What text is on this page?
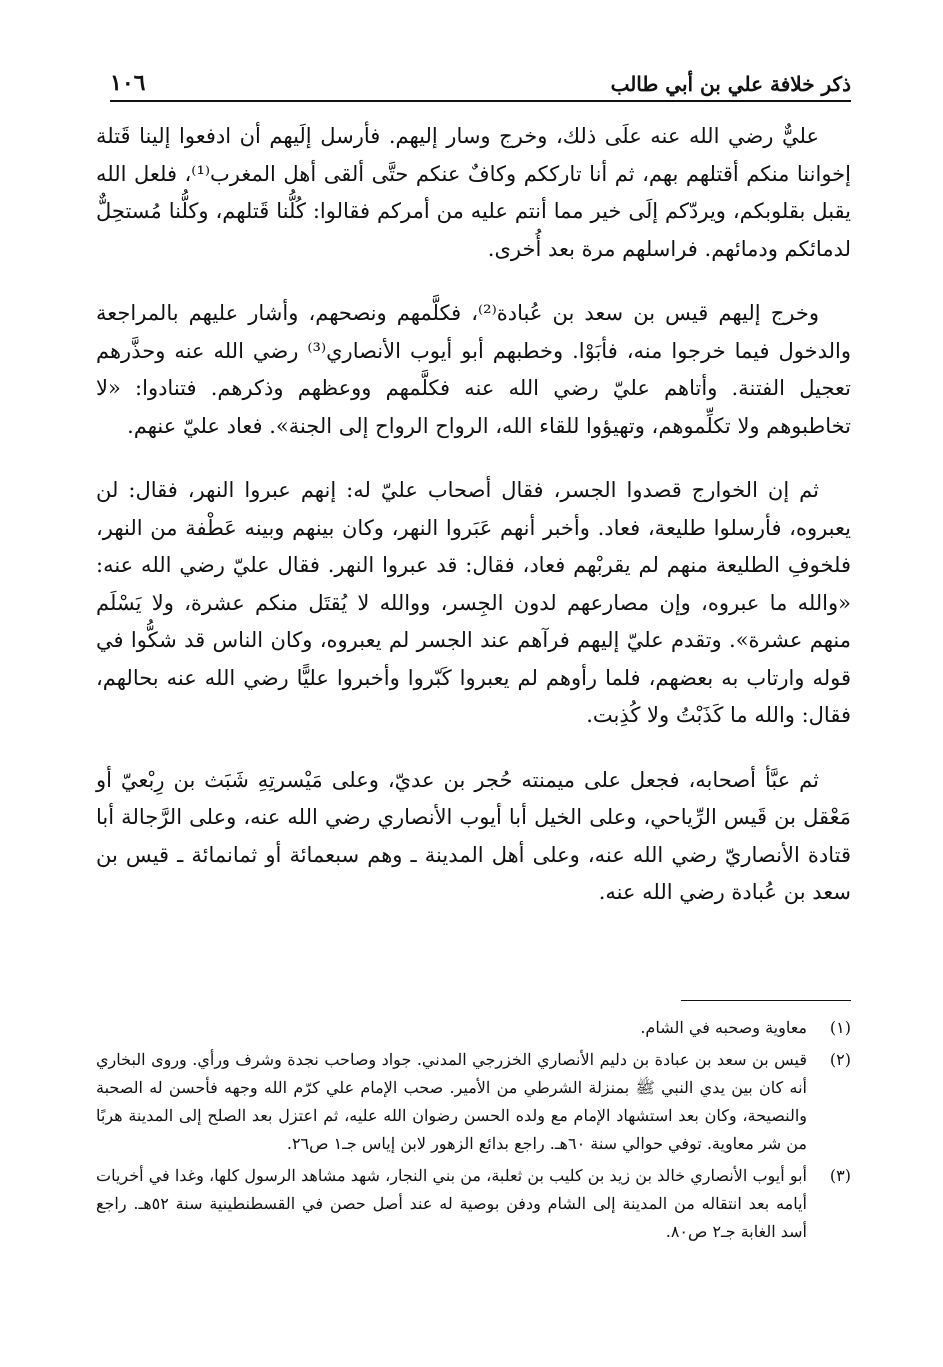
ذكر خلافة علي بن أبي طالب
١٠٦

عليٌّ رضي الله عنه علَى ذلك، وخرج وسار إليهم. فأرسل إلَيهم أن ادفعوا إلينا قَتلة إخواننا منكم أقتلهم بهم، ثم أنا تارككم وكافٌ عنكم حتَّى ألقى أهل المغرب⁽¹⁾، فلعل الله يقبل بقلوبكم، ويردّكم إلَى خير مما أنتم عليه من أمركم فقالوا: كُلُّنا قَتلهم، وكلُّنا مُستحِلٌّ لدمائكم ودمائهم. فراسلهم مرة بعد أُخرى.

وخرج إليهم قيس بن سعد بن عُبادة⁽²⁾، فكلَّمهم ونصحهم، وأشار عليهم بالمراجعة والدخول فيما خرجوا منه، فأبَوْا. وخطبهم أبو أيوب الأنصاري⁽³⁾ رضي الله عنه وحذَّرهم تعجيل الفتنة. وأتاهم عليّ رضي الله عنه فكلَّمهم ووعظهم وذكرهم. فتنادوا: «لا تخاطبوهم ولا تكلِّموهم، وتهيؤوا للقاء الله، الرواح الرواح إلى الجنة». فعاد عليّ عنهم.

ثم إن الخوارج قصدوا الجسر، فقال أصحاب عليّ له: إنهم عبروا النهر، فقال: لن يعبروه، فأرسلوا طليعة، فعاد. وأخبر أنهم عَبَروا النهر، وكان بينهم وبينه عَطْفة من النهر، فلخوفِ الطليعة منهم لم يقربْهم فعاد، فقال: قد عبروا النهر. فقال عليّ رضي الله عنه: «والله ما عبروه، وإن مصارعهم لدون الجِسر، ووالله لا يُقتَل منكم عشرة، ولا يَسْلَم منهم عشرة». وتقدم عليّ إليهم فرآهم عند الجسر لم يعبروه، وكان الناس قد شكُّوا في قوله وارتاب به بعضهم، فلما رأوهم لم يعبروا كَبّروا وأخبروا عليًّا رضي الله عنه بحالهم، فقال: والله ما كَذَبْتُ ولا كُذِبت.

ثم عبَّأ أصحابه، فجعل على ميمنته حُجر بن عديّ، وعلى مَيْسرتِهِ شَبَث بن رِبْعيّ أو مَعْقل بن قَيس الرِّياحي، وعلى الخيل أبا أيوب الأنصاري رضي الله عنه، وعلى الرَّجالة أبا قتادة الأنصاريّ رضي الله عنه، وعلى أهل المدينة ـ وهم سبعمائة أو ثمانمائة ـ قيس بن سعد بن عُبادة رضي الله عنه.

(١)
معاوية وصحبه في الشام.
(٢)
قيس بن سعد بن عبادة بن دليم الأنصاري الخزرجي المدني. جواد وصاحب نجدة وشرف ورأي. وروى البخاري أنه كان بين يدي النبي ﷺ بمنزلة الشرطي من الأمير. صحب الإمام علي كرّم الله وجهه فأحسن له الصحبة والنصيحة، وكان بعد استشهاد الإمام مع ولده الحسن رضوان الله عليه، ثم اعتزل بعد الصلح إلى المدينة هربًا من شر معاوية. توفي حوالي سنة ٦٠هـ. راجع بدائع الزهور لابن إياس جـ١ ص٢٦.
(٣)
أبو أيوب الأنصاري خالد بن زيد بن كليب بن ثعلبة، من بني النجار، شهد مشاهد الرسول كلها، وغدا في أخريات أيامه بعد انتقاله من المدينة إلى الشام ودفن بوصية له عند أصل حصن في القسطنطينية سنة ٥٢هـ. راجع أسد الغابة جـ٢ ص٨٠.
